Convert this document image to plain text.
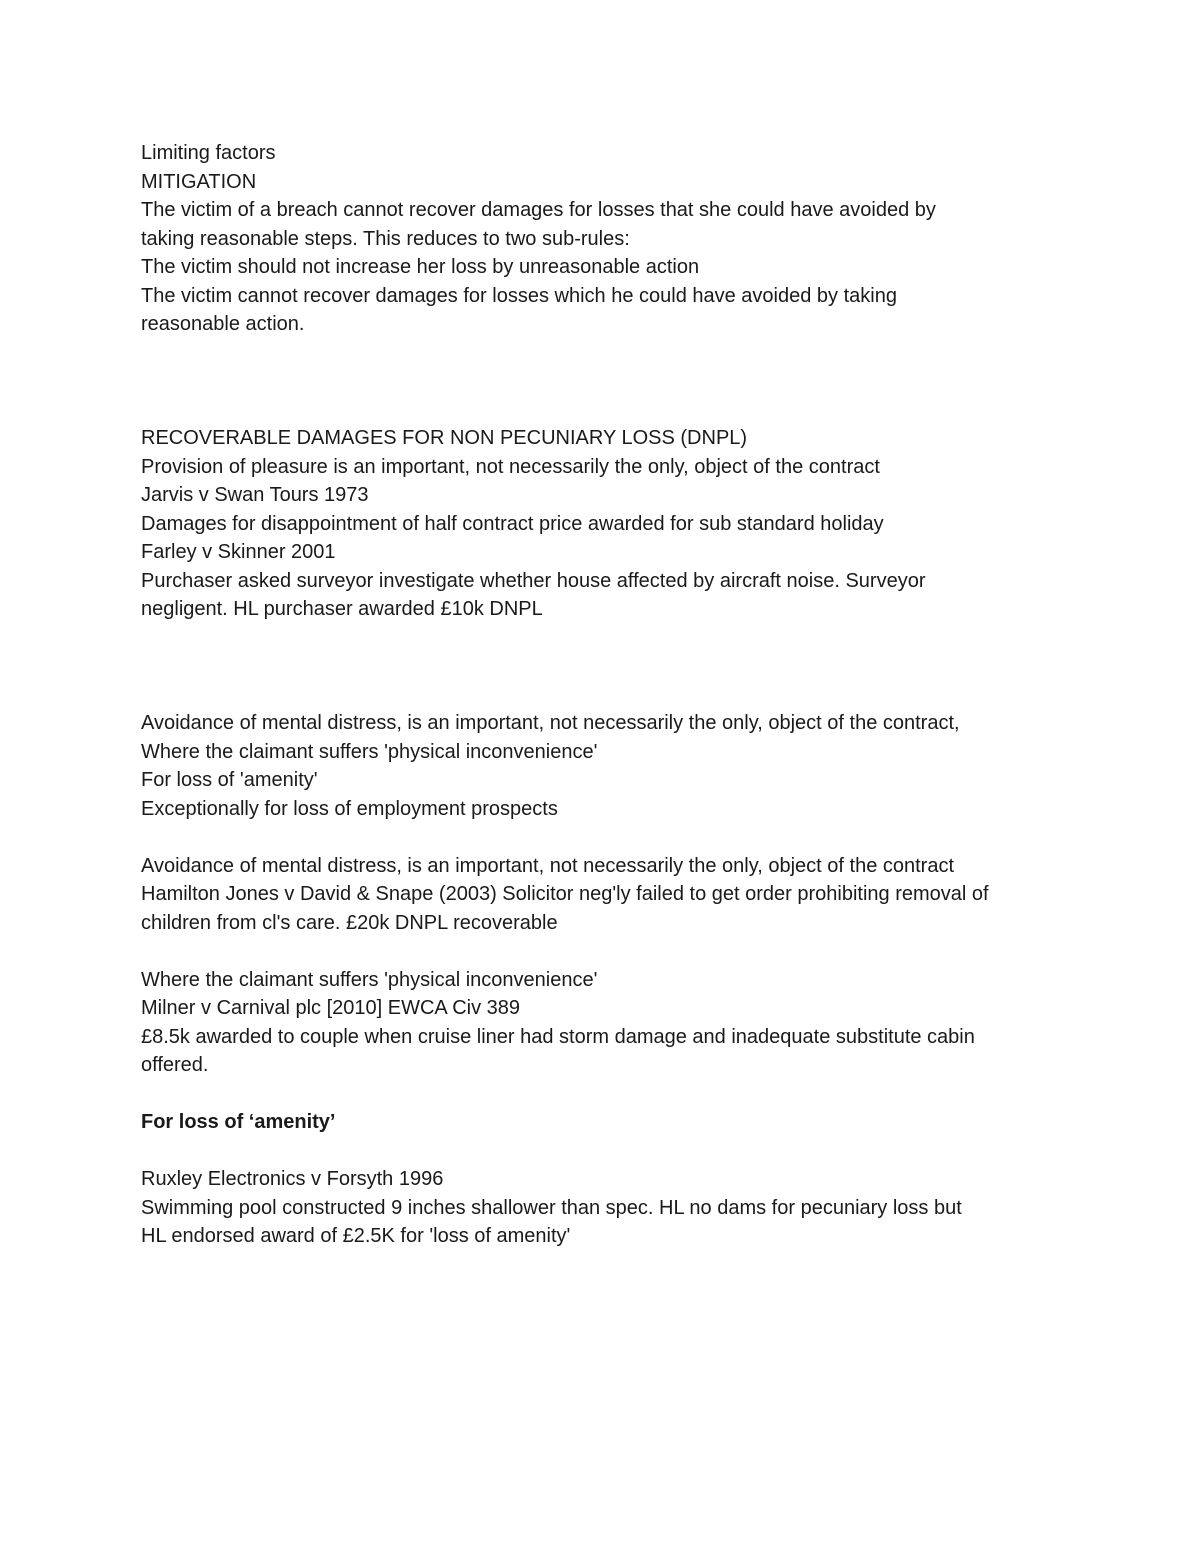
Limiting factors
MITIGATION
The victim of a breach cannot recover damages for losses that she could have avoided by
taking reasonable steps. This reduces to two sub-rules:
The victim should not increase her loss by unreasonable action
The victim cannot recover damages for losses which he could have avoided by taking
reasonable action.
RECOVERABLE DAMAGES FOR NON PECUNIARY LOSS (DNPL)
Provision of pleasure is an important, not necessarily the only, object of the contract
Jarvis v Swan Tours 1973
Damages for disappointment of half contract price awarded for sub standard holiday
Farley v Skinner 2001
Purchaser asked surveyor investigate whether house affected by aircraft noise. Surveyor
negligent. HL purchaser awarded £10k DNPL
Avoidance of mental distress, is an important, not necessarily the only, object of the contract,
Where the claimant suffers 'physical inconvenience'
For loss of 'amenity'
Exceptionally for loss of employment prospects
Avoidance of mental distress, is an important, not necessarily the only, object of the contract
Hamilton Jones v David & Snape (2003) Solicitor neg'ly failed to get order prohibiting removal of
children from cl's care. £20k DNPL recoverable
Where the claimant suffers 'physical inconvenience'
Milner v Carnival plc [2010] EWCA Civ 389
£8.5k awarded to couple when cruise liner had storm damage and inadequate substitute cabin
offered.
For loss of ‘amenity’
Ruxley Electronics v Forsyth 1996
Swimming pool constructed 9 inches shallower than spec. HL no dams for pecuniary loss but
HL endorsed award of £2.5K for 'loss of amenity'
